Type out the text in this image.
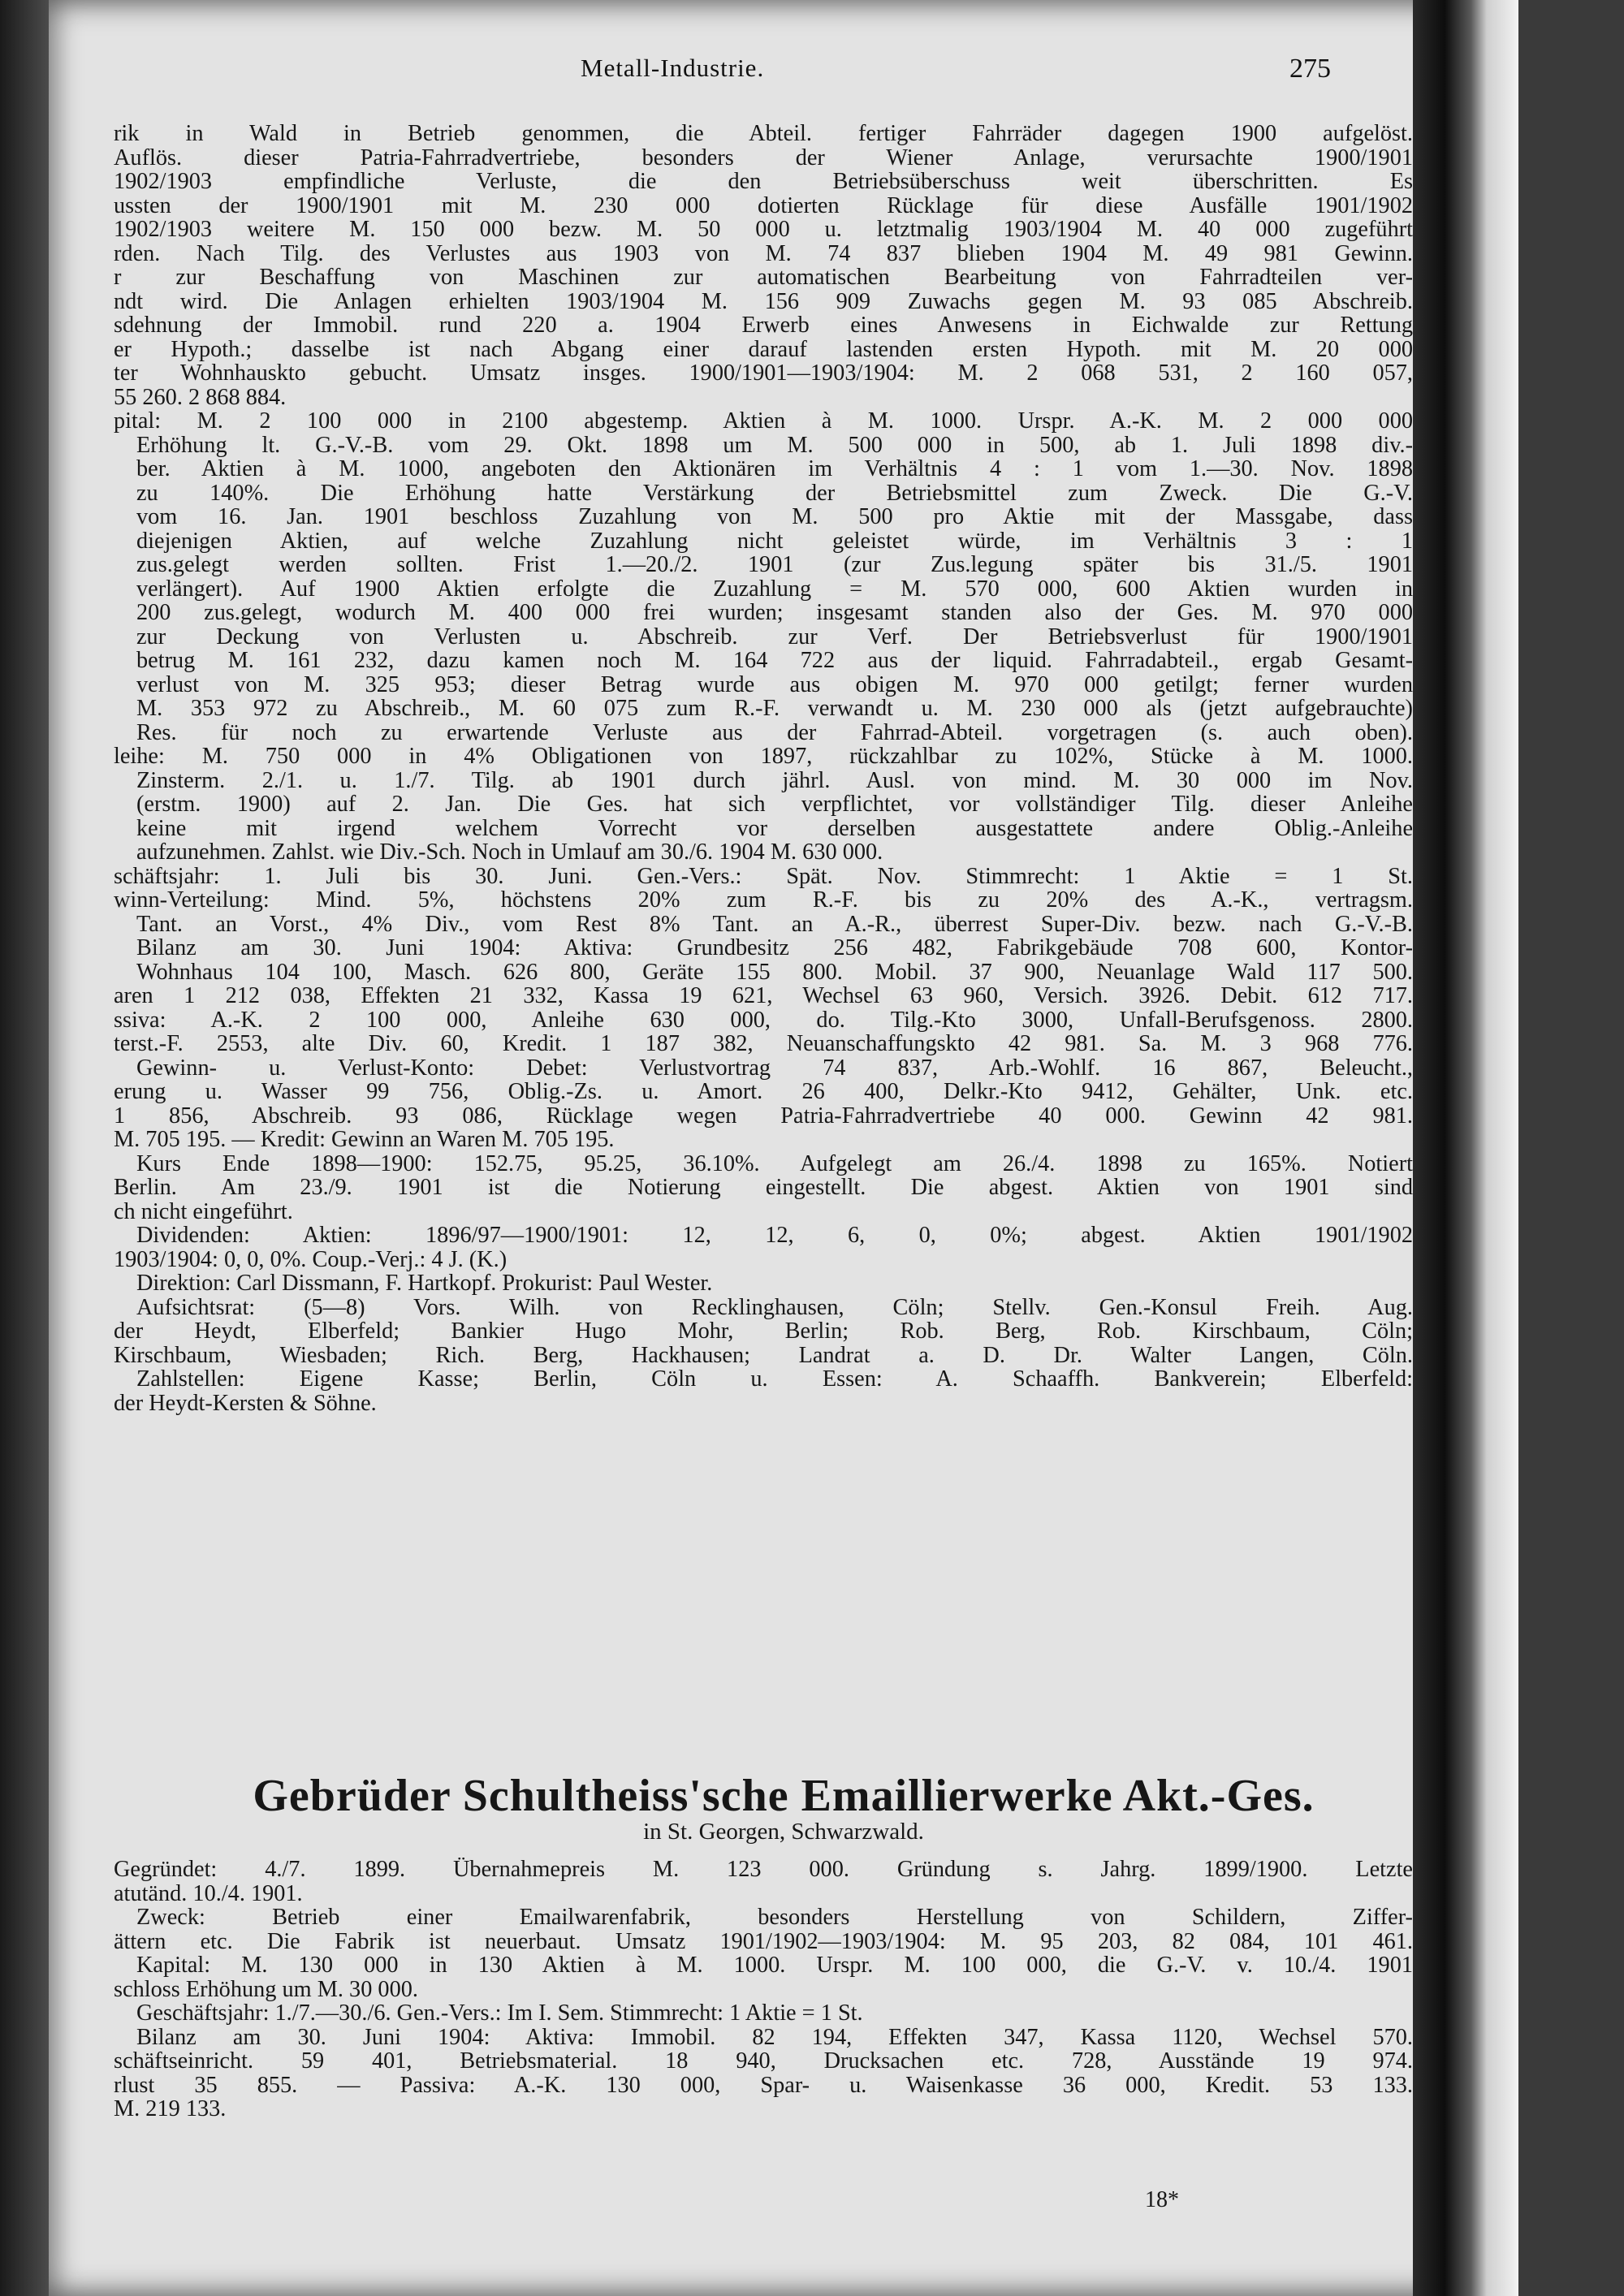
Metall-Industrie.	275
rik in Wald in Betrieb genommen, die Abteil. fertiger Fahrräder dagegen 1900 aufgelöst.
Auflös. dieser Patria-Fahrradvertriebe, besonders der Wiener Anlage, verursachte 1900/1901
1902/1903 empfindliche Verluste, die den Betriebsüberschuss weit überschritten. Es
ussten der 1900/1901 mit M. 230 000 dotierten Rücklage für diese Ausfälle 1901/1902
1902/1903 weitere M. 150 000 bezw. M. 50 000 u. letztmalig 1903/1904 M. 40 000 zugeführt
rden. Nach Tilg. des Verlustes aus 1903 von M. 74 837 blieben 1904 M. 49 981 Gewinn.
r zur Beschaffung von Maschinen zur automatischen Bearbeitung von Fahrradteilen ver-
ndt wird. Die Anlagen erhielten 1903/1904 M. 156 909 Zuwachs gegen M. 93 085 Abschreib.
sdehnung der Immobil. rund 220 a. 1904 Erwerb eines Anwesens in Eichwalde zur Rettung
er Hypoth.; dasselbe ist nach Abgang einer darauf lastenden ersten Hypoth. mit M. 20 000
ter Wohnhauskto gebucht. Umsatz insges. 1900/1901—1903/1904: M. 2 068 531, 2 160 057,
55 260. 2 868 884.
pital: M. 2 100 000 in 2100 abgestemp. Aktien à M. 1000. Urspr. A.-K. M. 2 000 000
Erhöhung lt. G.-V.-B. vom 29. Okt. 1898 um M. 500 000 in 500, ab 1. Juli 1898 div.-
ber. Aktien à M. 1000, angeboten den Aktionären im Verhältnis 4 : 1 vom 1.—30. Nov. 1898
zu 140%. Die Erhöhung hatte Verstärkung der Betriebsmittel zum Zweck. Die G.-V.
vom 16. Jan. 1901 beschloss Zuzahlung von M. 500 pro Aktie mit der Massgabe, dass
diejenigen Aktien, auf welche Zuzahlung nicht geleistet würde, im Verhältnis 3 : 1
zus.gelegt werden sollten. Frist 1.—20./2. 1901 (zur Zus.legung später bis 31./5. 1901
verlängert). Auf 1900 Aktien erfolgte die Zuzahlung = M. 570 000, 600 Aktien wurden in
200 zus.gelegt, wodurch M. 400 000 frei wurden; insgesamt standen also der Ges. M. 970 000
zur Deckung von Verlusten u. Abschreib. zur Verf. Der Betriebsverlust für 1900/1901
betrug M. 161 232, dazu kamen noch M. 164 722 aus der liquid. Fahrradabteil., ergab Gesamt-
verlust von M. 325 953; dieser Betrag wurde aus obigen M. 970 000 getilgt; ferner wurden
M. 353 972 zu Abschreib., M. 60 075 zum R.-F. verwandt u. M. 230 000 als (jetzt aufgebrauchte)
Res. für noch zu erwartende Verluste aus der Fahrrad-Abteil. vorgetragen (s. auch oben).
leihe: M. 750 000 in 4% Obligationen von 1897, rückzahlbar zu 102%, Stücke à M. 1000.
Zinsterm. 2./1. u. 1./7. Tilg. ab 1901 durch jährl. Ausl. von mind. M. 30 000 im Nov.
(erstm. 1900) auf 2. Jan. Die Ges. hat sich verpflichtet, vor vollständiger Tilg. dieser Anleihe
keine mit irgend welchem Vorrecht vor derselben ausgestattete andere Oblig.-Anleihe
aufzunehmen. Zahlst. wie Div.-Sch. Noch in Umlauf am 30./6. 1904 M. 630 000.
schäftsjahr: 1. Juli bis 30. Juni. Gen.-Vers.: Spät. Nov. Stimmrecht: 1 Aktie = 1 St.
winn-Verteilung: Mind. 5%, höchstens 20% zum R.-F. bis zu 20% des A.-K., vertragsm.
Tant. an Vorst., 4% Div., vom Rest 8% Tant. an A.-R., überrest Super-Div. bezw. nach G.-V.-B.
Bilanz am 30. Juni 1904: Aktiva: Grundbesitz 256 482, Fabrikgebäude 708 600, Kontor-
Wohnhaus 104 100, Masch. 626 800, Geräte 155 800. Mobil. 37 900, Neuanlage Wald 117 500.
aren 1 212 038, Effekten 21 332, Kassa 19 621, Wechsel 63 960, Versich. 3926. Debit. 612 717.
ssiva: A.-K. 2 100 000, Anleihe 630 000, do. Tilg.-Kto 3000, Unfall-Berufsgenoss. 2800.
terst.-F. 2553, alte Div. 60, Kredit. 1 187 382, Neuanschaffungskto 42 981. Sa. M. 3 968 776.
Gewinn- u. Verlust-Konto: Debet: Verlustvortrag 74 837, Arb.-Wohlf. 16 867, Beleucht.,
erung u. Wasser 99 756, Oblig.-Zs. u. Amort. 26 400, Delkr.-Kto 9412, Gehälter, Unk. etc.
1 856, Abschreib. 93 086, Rücklage wegen Patria-Fahrradvertriebe 40 000. Gewinn 42 981.
M. 705 195. — Kredit: Gewinn an Waren M. 705 195.
Kurs Ende 1898—1900: 152.75, 95.25, 36.10%. Aufgelegt am 26./4. 1898 zu 165%. Notiert
Berlin. Am 23./9. 1901 ist die Notierung eingestellt. Die abgest. Aktien von 1901 sind
ch nicht eingeführt.
Dividenden: Aktien: 1896/97—1900/1901: 12, 12, 6, 0, 0%; abgest. Aktien 1901/1902
1903/1904: 0, 0, 0%. Coup.-Verj.: 4 J. (K.)
Direktion: Carl Dissmann, F. Hartkopf. Prokurist: Paul Wester.
Aufsichtsrat: (5—8) Vors. Wilh. von Recklinghausen, Cöln; Stellv. Gen.-Konsul Freih. Aug.
der Heydt, Elberfeld; Bankier Hugo Mohr, Berlin; Rob. Berg, Rob. Kirschbaum, Cöln;
Kirschbaum, Wiesbaden; Rich. Berg, Hackhausen; Landrat a. D. Dr. Walter Langen, Cöln.
Zahlstellen: Eigene Kasse; Berlin, Cöln u. Essen: A. Schaaffh. Bankverein; Elberfeld:
der Heydt-Kersten & Söhne.
Gebrüder Schultheiss'sche Emaillierwerke Akt.-Ges.
in St. Georgen, Schwarzwald.
Gegründet: 4./7. 1899. Übernahmepreis M. 123 000. Gründung s. Jahrg. 1899/1900. Letzte
atutänd. 10./4. 1901.
Zweck: Betrieb einer Emailwarenfabrik, besonders Herstellung von Schildern, Ziffer-
ättern etc. Die Fabrik ist neuerbaut. Umsatz 1901/1902—1903/1904: M. 95 203, 82 084, 101 461.
Kapital: M. 130 000 in 130 Aktien à M. 1000. Urspr. M. 100 000, die G.-V. v. 10./4. 1901
schloss Erhöhung um M. 30 000.
Geschäftsjahr: 1./7.—30./6. Gen.-Vers.: Im I. Sem. Stimmrecht: 1 Aktie = 1 St.
Bilanz am 30. Juni 1904: Aktiva: Immobil. 82 194, Effekten 347, Kassa 1120, Wechsel 570.
schäftseinricht. 59 401, Betriebsmaterial. 18 940, Drucksachen etc. 728, Ausstände 19 974.
rlust 35 855. — Passiva: A.-K. 130 000, Spar- u. Waisenkasse 36 000, Kredit. 53 133.
M. 219 133.
18*
